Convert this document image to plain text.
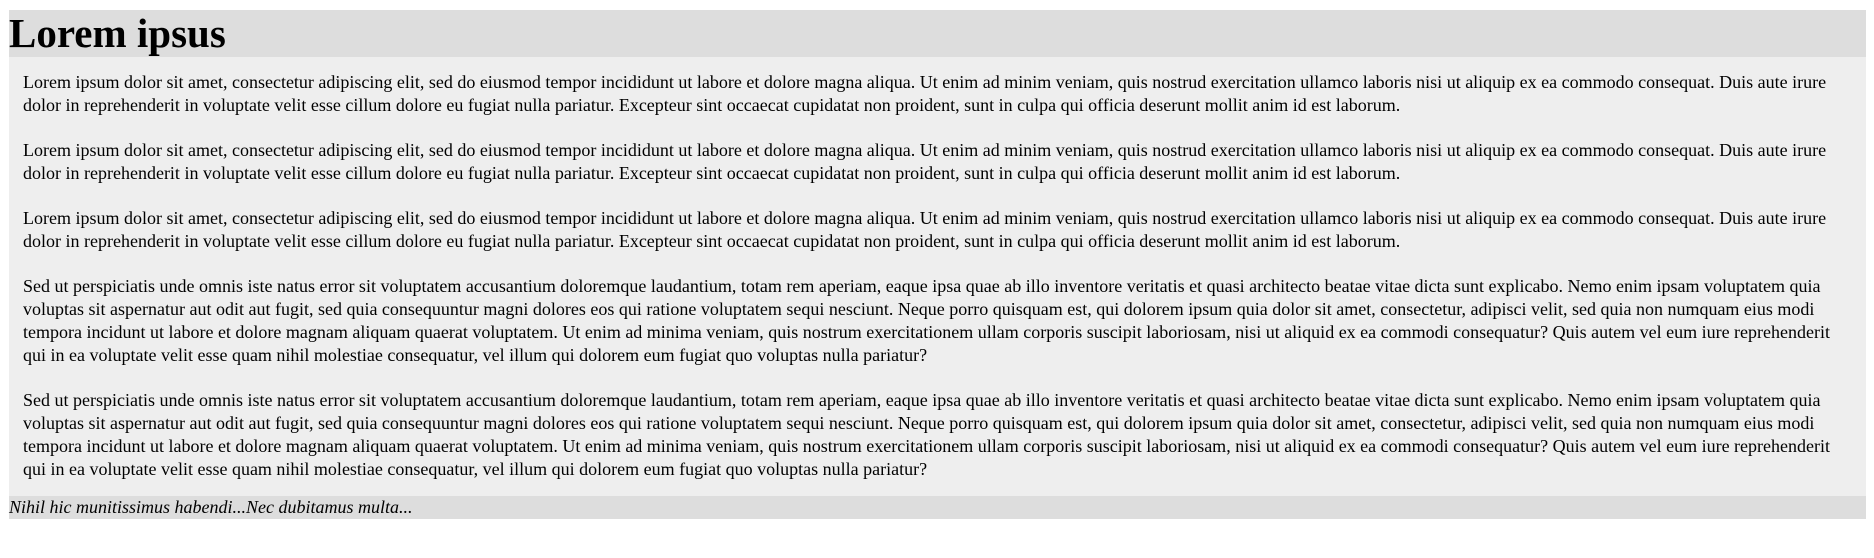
Lorem ipsus

Lorem ipsum dolor sit amet, consectetur adipiscing elit, sed do eiusmod tempor incididunt ut labore et dolore magna aliqua. Ut enim ad minim veniam, quis nostrud exercitation ullamco laboris nisi ut aliquip ex ea commodo consequat. Duis aute irure dolor in reprehenderit in voluptate velit esse cillum dolore eu fugiat nulla pariatur. Excepteur sint occaecat cupidatat non proident, sunt in culpa qui officia deserunt mollit anim id est laborum.

Lorem ipsum dolor sit amet, consectetur adipiscing elit, sed do eiusmod tempor incididunt ut labore et dolore magna aliqua. Ut enim ad minim veniam, quis nostrud exercitation ullamco laboris nisi ut aliquip ex ea commodo consequat. Duis aute irure dolor in reprehenderit in voluptate velit esse cillum dolore eu fugiat nulla pariatur. Excepteur sint occaecat cupidatat non proident, sunt in culpa qui officia deserunt mollit anim id est laborum.

Lorem ipsum dolor sit amet, consectetur adipiscing elit, sed do eiusmod tempor incididunt ut labore et dolore magna aliqua. Ut enim ad minim veniam, quis nostrud exercitation ullamco laboris nisi ut aliquip ex ea commodo consequat. Duis aute irure dolor in reprehenderit in voluptate velit esse cillum dolore eu fugiat nulla pariatur. Excepteur sint occaecat cupidatat non proident, sunt in culpa qui officia deserunt mollit anim id est laborum.

Sed ut perspiciatis unde omnis iste natus error sit voluptatem accusantium doloremque laudantium, totam rem aperiam, eaque ipsa quae ab illo inventore veritatis et quasi architecto beatae vitae dicta sunt explicabo. Nemo enim ipsam voluptatem quia voluptas sit aspernatur aut odit aut fugit, sed quia consequuntur magni dolores eos qui ratione voluptatem sequi nesciunt. Neque porro quisquam est, qui dolorem ipsum quia dolor sit amet, consectetur, adipisci velit, sed quia non numquam eius modi tempora incidunt ut labore et dolore magnam aliquam quaerat voluptatem. Ut enim ad minima veniam, quis nostrum exercitationem ullam corporis suscipit laboriosam, nisi ut aliquid ex ea commodi consequatur? Quis autem vel eum iure reprehenderit qui in ea voluptate velit esse quam nihil molestiae consequatur, vel illum qui dolorem eum fugiat quo voluptas nulla pariatur?

Sed ut perspiciatis unde omnis iste natus error sit voluptatem accusantium doloremque laudantium, totam rem aperiam, eaque ipsa quae ab illo inventore veritatis et quasi architecto beatae vitae dicta sunt explicabo. Nemo enim ipsam voluptatem quia voluptas sit aspernatur aut odit aut fugit, sed quia consequuntur magni dolores eos qui ratione voluptatem sequi nesciunt. Neque porro quisquam est, qui dolorem ipsum quia dolor sit amet, consectetur, adipisci velit, sed quia non numquam eius modi tempora incidunt ut labore et dolore magnam aliquam quaerat voluptatem. Ut enim ad minima veniam, quis nostrum exercitationem ullam corporis suscipit laboriosam, nisi ut aliquid ex ea commodi consequatur? Quis autem vel eum iure reprehenderit qui in ea voluptate velit esse quam nihil molestiae consequatur, vel illum qui dolorem eum fugiat quo voluptas nulla pariatur?

Nihil hic munitissimus habendi...Nec dubitamus multa...
